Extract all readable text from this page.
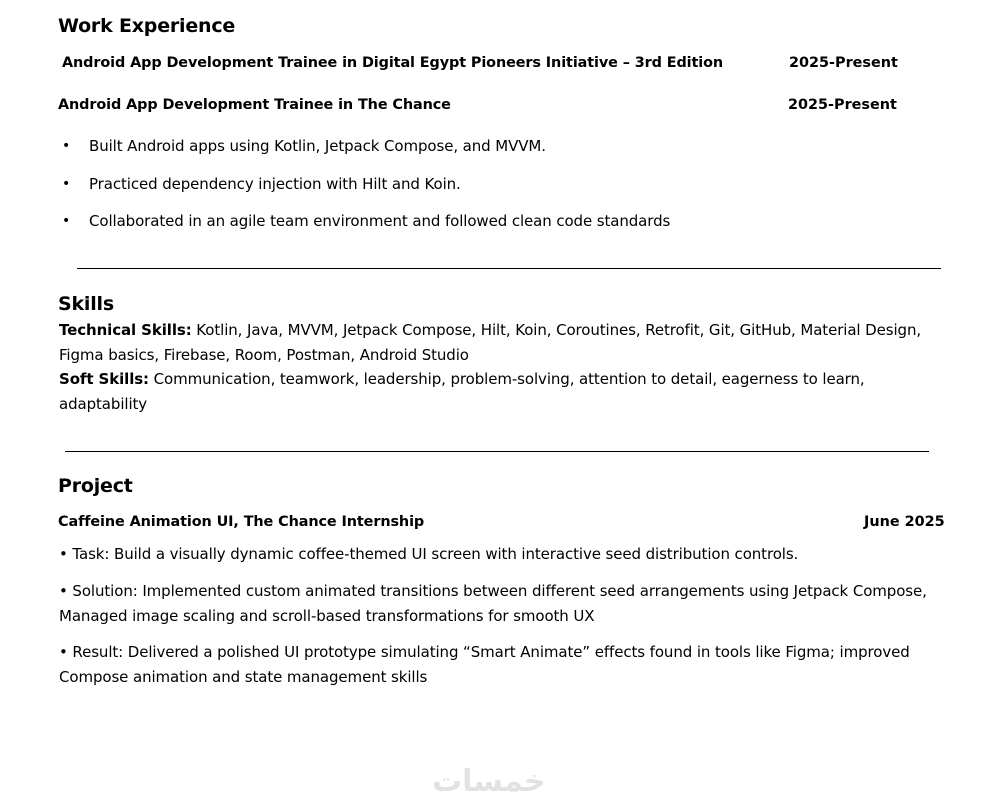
Work Experience
Android App Development Trainee in Digital Egypt Pioneers Initiative – 3rd Edition	2025-Present
Android App Development Trainee in The Chance	2025-Present
• Built Android apps using Kotlin, Jetpack Compose, and MVVM.
• Practiced dependency injection with Hilt and Koin.
• Collaborated in an agile team environment and followed clean code standards
Skills
Technical Skills: Kotlin, Java, MVVM, Jetpack Compose, Hilt, Koin, Coroutines, Retrofit, Git, GitHub, Material Design,
Figma basics, Firebase, Room, Postman, Android Studio
Soft Skills: Communication, teamwork, leadership, problem-solving, attention to detail, eagerness to learn,
adaptability
Project
Caffeine Animation UI, The Chance Internship	June 2025
• Task: Build a visually dynamic coffee-themed UI screen with interactive seed distribution controls.
• Solution: Implemented custom animated transitions between different seed arrangements using Jetpack Compose,
Managed image scaling and scroll-based transformations for smooth UX
• Result: Delivered a polished UI prototype simulating “Smart Animate” effects found in tools like Figma; improved
Compose animation and state management skills
خمسات
